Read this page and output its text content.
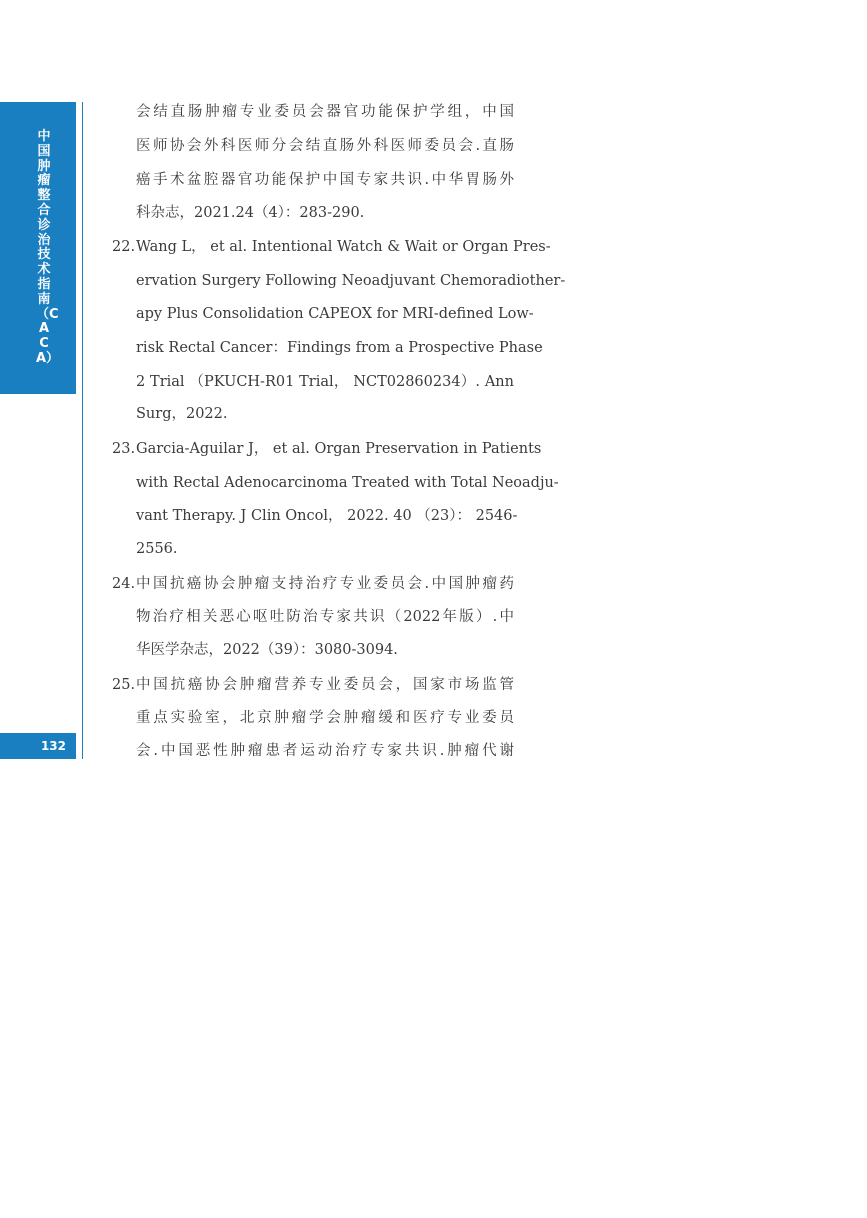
中国肿瘤整合诊治技术指南（CACA）
132
会结直肠肿瘤专业委员会器官功能保护学组，中国
医师协会外科医师分会结直肠外科医师委员会.直肠
癌手术盆腔器官功能保护中国专家共识.中华胃肠外
科杂志，2021.24（4）：283-290.
22. Wang L， et al. Intentional Watch & Wait or Organ Pres-
ervation Surgery Following Neoadjuvant Chemoradiother-
apy Plus Consolidation CAPEOX for MRI-defined Low-
risk Rectal Cancer：Findings from a Prospective Phase
2 Trial （PKUCH-R01 Trial， NCT02860234）. Ann
Surg，2022.
23. Garcia-Aguilar J， et al. Organ Preservation in Patients
with Rectal Adenocarcinoma Treated with Total Neoadju-
vant Therapy. J Clin Oncol， 2022. 40 （23）： 2546-
2556.
24. 中国抗癌协会肿瘤支持治疗专业委员会.中国肿瘤药
物治疗相关恶心呕吐防治专家共识（2022年版）.中
华医学杂志，2022（39）：3080-3094.
25. 中国抗癌协会肿瘤营养专业委员会，国家市场监管
重点实验室，北京肿瘤学会肿瘤缓和医疗专业委员
会.中国恶性肿瘤患者运动治疗专家共识.肿瘤代谢
